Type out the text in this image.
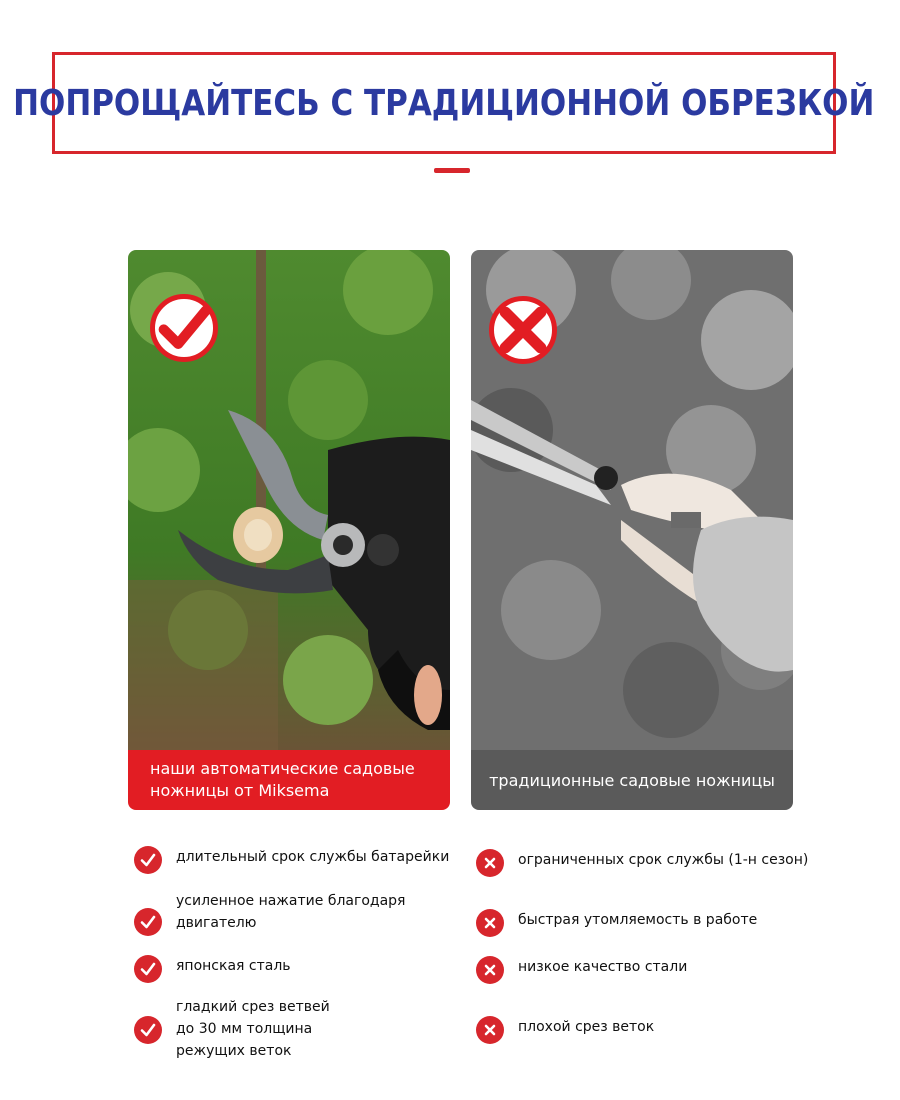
ПОПРОЩАЙТЕСЬ С ТРАДИЦИОННОЙ ОБРЕЗКОЙ
наши автоматические садовые
ножницы от Miksema
традиционные садовые ножницы
длительный срок службы батарейки
усиленное нажатие благодаря
двигателю
японская сталь
гладкий срез ветвей
до 30 мм толщина
режущих веток
ограниченных срок службы (1-н сезон)
быстрая утомляемость в работе
низкое качество стали
плохой срез веток
